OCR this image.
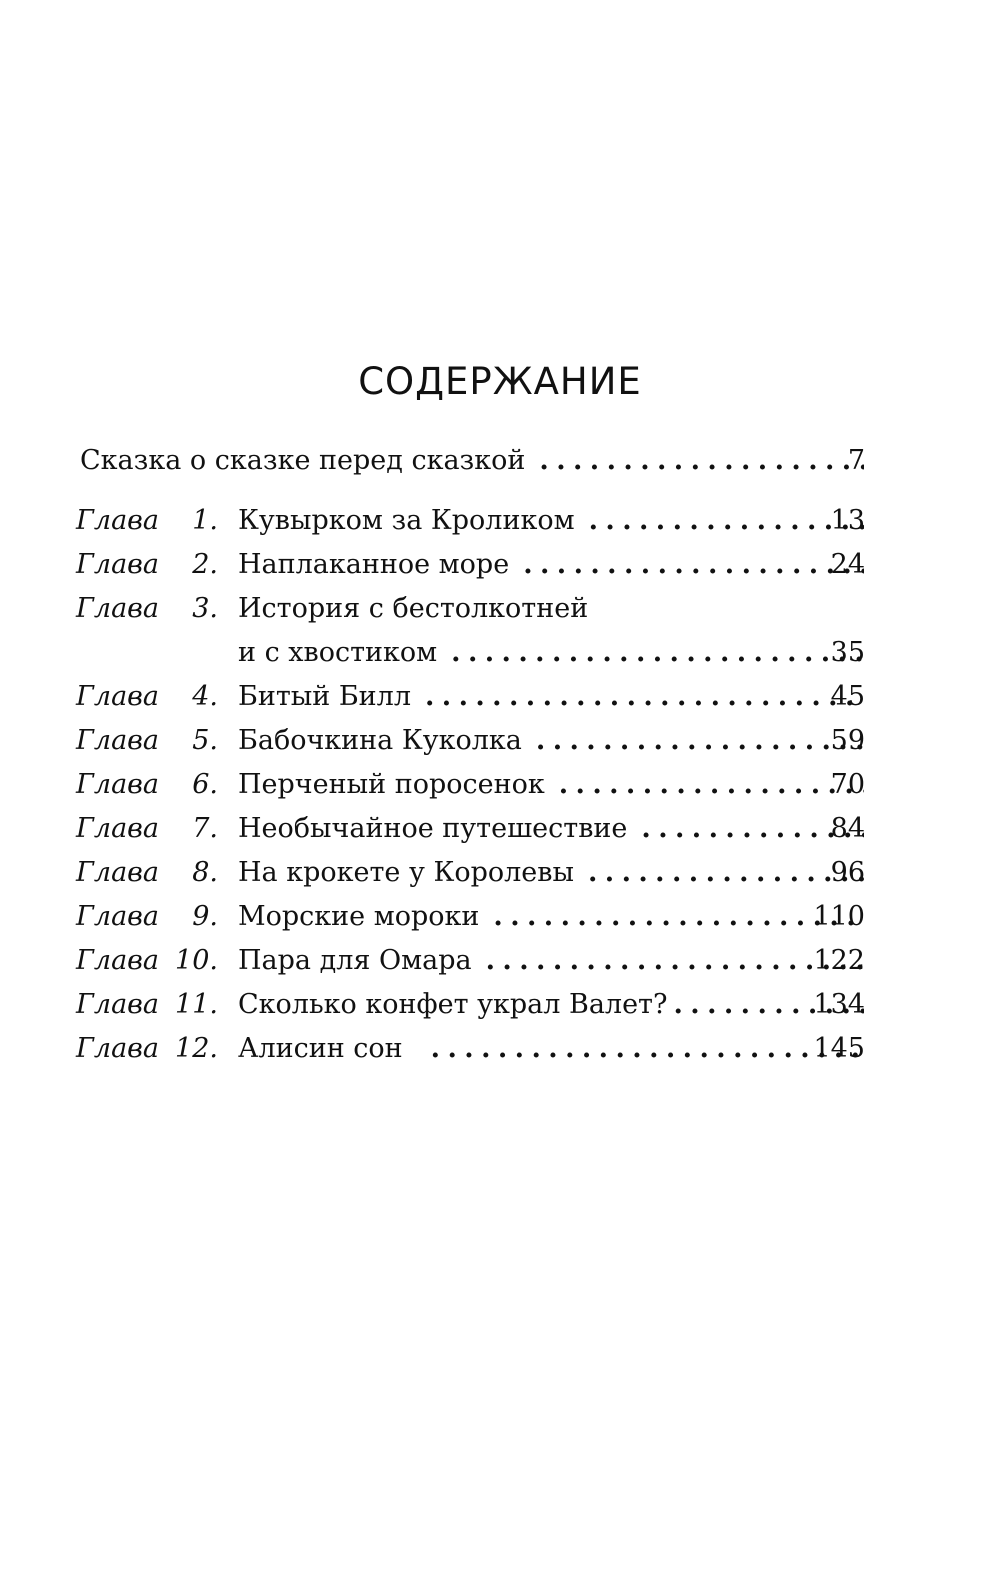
СОДЕРЖАНИЕ
Сказка о сказке перед сказкой . . .	7
Глава 1. Кувырком за Кроликом . . .	13
Глава 2. Наплаканное море . . .	24
Глава 3. История с бестолкотней
и с хвостиком . . .	35
Глава 4. Битый Билл . . .	45
Глава 5. Бабочкина Куколка . . .	59
Глава 6. Перченый поросенок . . .	70
Глава 7. Необычайное путешествие . . .	84
Глава 8. На крокете у Королевы . . .	96
Глава 9. Морские мороки . . .	110
Глава 10. Пара для Омара . . .	122
Глава 11. Сколько конфет украл Валет? . . .	134
Глава 12. Алисин сон . . .	145
